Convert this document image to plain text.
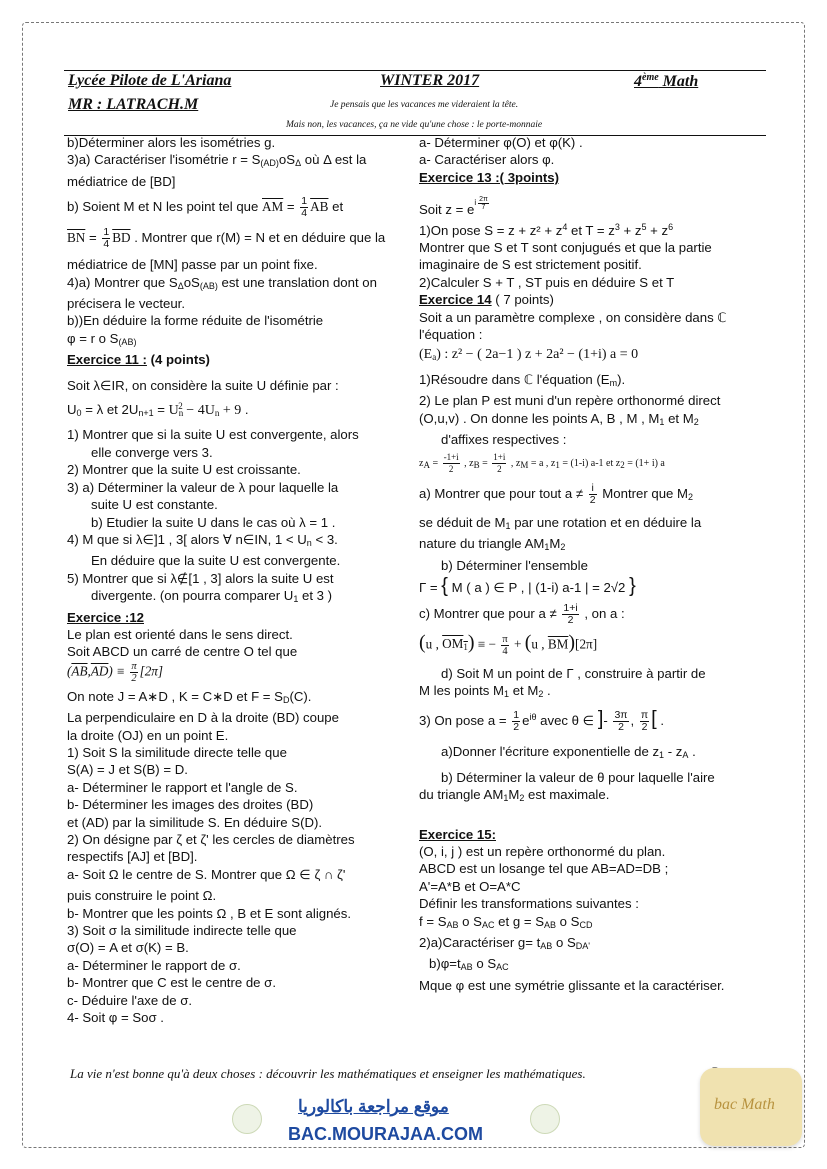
Lycée Pilote de L'Ariana	WINTER 2017	4ème Math
MR : LATRACH.M	Je pensais que les vacances me videraient la tête.
Mais non, les vacances, ça ne vide qu'une chose : le porte-monnaie

b)Déterminer alors les isométries g.

3)a) Caractériser l'isométrie $r = S_{(AD)}oS_\Delta$ où Δ est la

médiatrice de [BD]

b) Soient M et N les point tel que $\overline{AM} = \frac{1}{4} \overline{AB}$ et

$\overline{BN} = \frac{1}{4} \overline{BD}$ . Montrer que r(M) = N et en déduire que la

médiatrice de [MN] passe par un point fixe.

4)a) Montrer que $S_\Delta oS_{(AB)}$ est une translation dont on

précisera le vecteur.

b))En déduire la forme réduite de l'isométrie

φ = r o $S_{(AB)}$

Exercice 11 : (4 points)

Soit λ∈IR, on considère la suite U définie par :

$U_0 = \lambda$ et $2U_{n+1} = U_n^2 - 4U_n + 9$ .

1) Montrer que si la suite U est convergente, alors

elle converge vers 3.

2) Montrer que la suite U est croissante.

3) a) Déterminer la valeur de λ pour laquelle la

suite U est constante.

b) Etudier la suite U dans le cas où λ = 1 .

4) M que si λ∈]1 , 3[ alors ∀ n∈IN, $1 < U_n < 3$.

En déduire que la suite U est convergente.

5) Montrer que si λ∉[1 , 3] alors la suite U est

divergente. (on pourra comparer $U_1$ et 3 )

Exercice :12

Le plan est orienté dans le sens direct.

Soit ABCD un carré de centre O tel que

$(\overline{AB},\overline{AD}) \equiv \frac{\pi}{2} [2\pi]$

On note J = A∗D , K = C∗D et $F = S_D(C)$.

La perpendiculaire en D à la droite (BD) coupe

la droite (OJ) en un point E.

1) Soit S la similitude directe telle que

S(A) = J et S(B) = D.

a- Déterminer le rapport et l'angle de S.

b- Déterminer les images des droites (BD)

et (AD) par la similitude S. En déduire S(D).

2) On désigne par ζ et ζ' les cercles de diamètres

respectifs [AJ] et [BD].

a- Soit Ω le centre de S. Montrer que Ω ∈ ζ ∩ ζ'

puis construire le point Ω.

b- Montrer que les points Ω , B et E sont alignés.

3) Soit σ la similitude indirecte telle que

σ(O) = A et σ(K) = B.

a- Déterminer le rapport de σ.

b- Montrer que C est le centre de σ.

c- Déduire l'axe de σ.

4- Soit φ = Soσ .

a- Déterminer φ(O) et φ(K) .

a- Caractériser alors φ.

Exercice 13 :( 3points)

Soit $z = e^{i \frac{2\pi}{7}}$

1)On pose $S = z + z^2 + z^4$ et $T = z^3 + z^5 + z^6$

Montrer que S et T sont conjugués et que la partie

imaginaire de S est strictement positif.

2)Calculer S + T , ST puis en déduire S et T

Exercice 14 ( 7 points)

Soit a un paramètre complexe , on considère dans ℂ

l'équation :

$(E_a)$ : z² − ( 2a−1 ) z + 2a² − (1+i) a = 0

1)Résoudre dans ℂ l'équation $(E_m)$.

2) Le plan P est muni d'un repère orthonormé direct

(O,u,v) . On donne les points A, B , M , $M_1$ et $M_2$

d'affixes respectives :

zA = $\frac{-1+i}{2}$ , zB = $\frac{1+i}{2}$ , zM = a , z1 = (1-i) a-1 et z2 = (1+ i) a

a) Montrer que pour tout $a \ne \frac{i}{2}$ Montrer que $M_2$

se déduit de $M_1$ par une rotation et en déduire la

nature du triangle $AM_1M_2$

b) Déterminer l'ensemble

Γ = { M ( a ) ∈ P , | (1-i) a-1 | = 2√2 }

c) Montrer que pour $a \ne \frac{1+i}{2}$ , on a :

(u , $OM_1$) ≡ − $\frac{\pi}{4} + (u$ , $\overline{BM})[2\pi]$

d) Soit M un point de Γ , construire à partir de

M les points $M_1$ et $M_2$ .

3) On pose $a = \frac{1}{2} e^{i\theta}$ avec θ ∈ ]- $\frac{3\pi}{2}$ , $\frac{\pi}{2}$ [ .

a)Donner l'écriture exponentielle de $z_1 - z_A$ .

b) Déterminer la valeur de θ pour laquelle l'aire

du triangle $AM_1M_2$ est maximale.

Exercice 15:

(O, i, j ) est un repère orthonormé du plan.

ABCD est un losange tel que AB=AD=DB ;

A'=A*B et O=A*C

Définir les transformations suivantes :

$f = S_{AB}$ o $S_{AC}$ et $g = S_{AB}$ o $S_{CD}$

2)a)Caractériser $g= t_{AB}$ o $S_{DA'}$

$b)\varphi=t_{AB}$ o $S_{AC}$

Mque φ est une symétrie glissante et la caractériser.

La vie n'est bonne qu'à deux choses : découvrir les mathématiques et enseigner les mathématiques.
موقع مراجعة باكالوريا
BAC.MOURAJAA.COM
bac Math
